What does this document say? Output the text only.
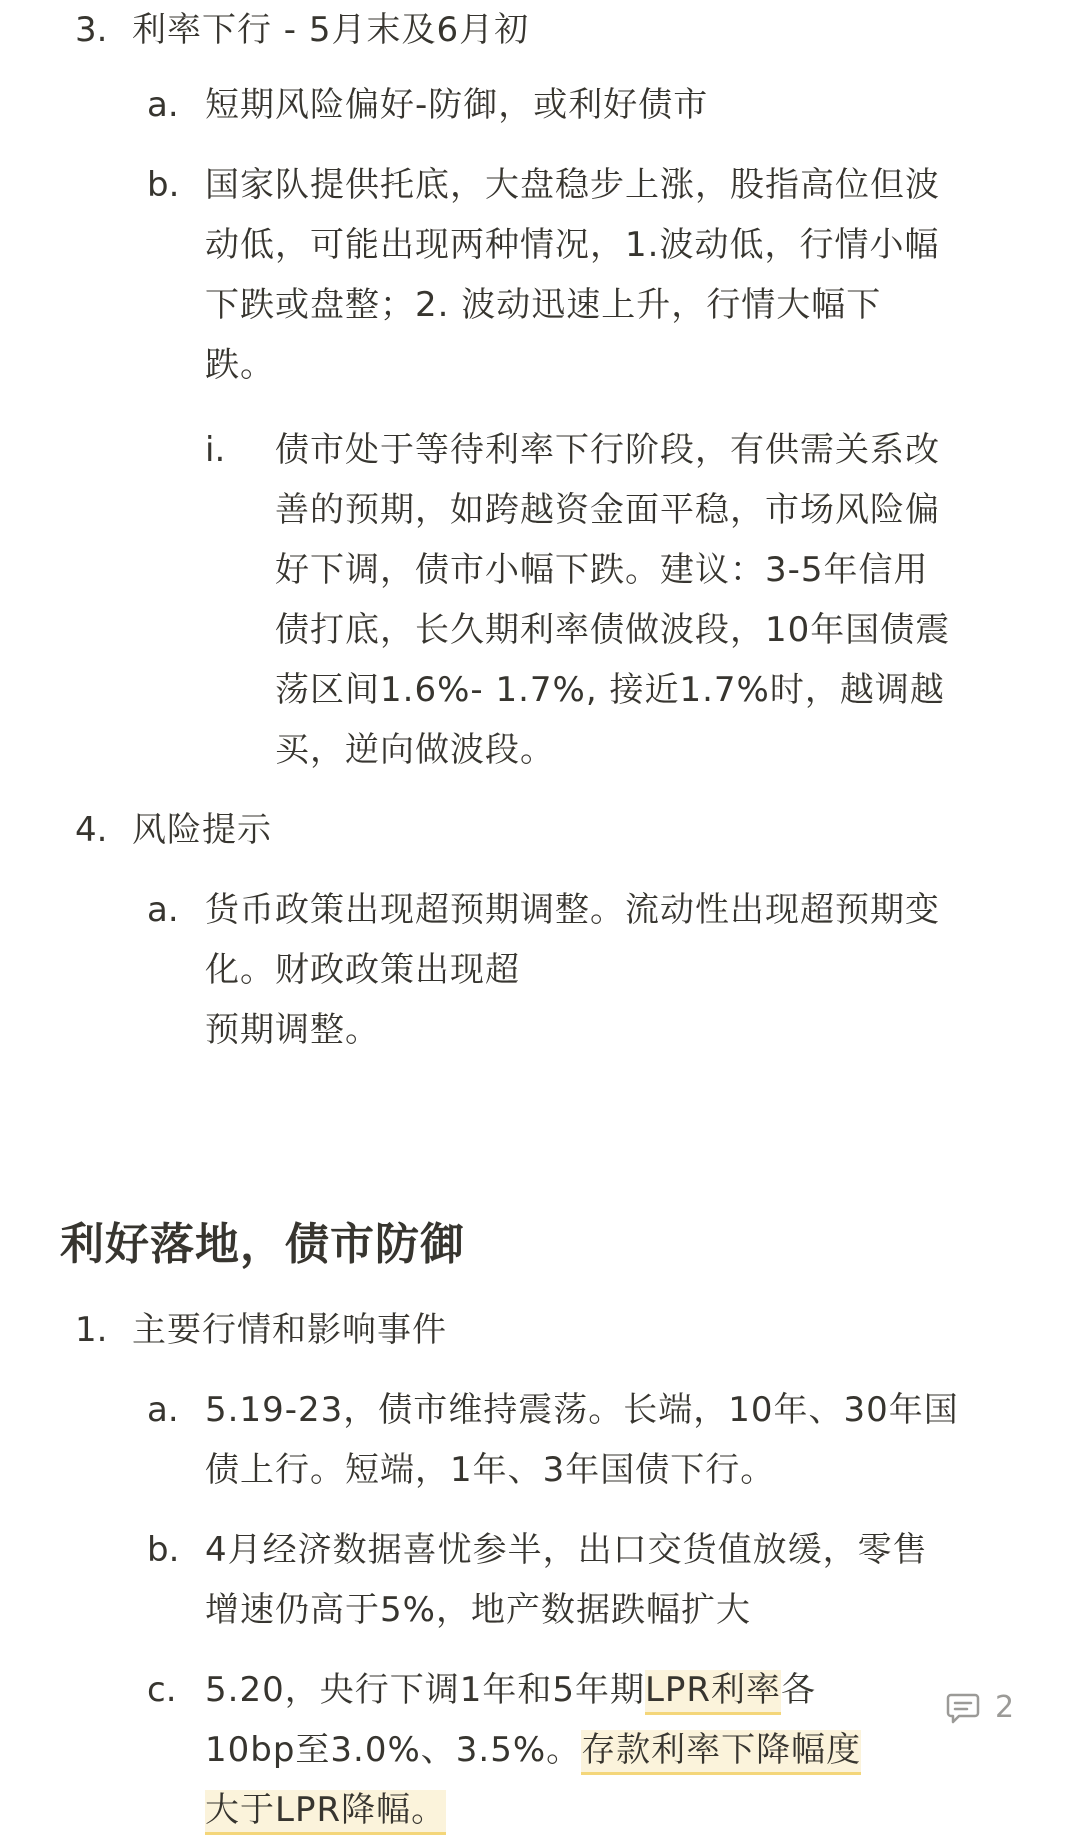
3. 利率下行 - 5月末及6月初
a. 短期风险偏好-防御，或利好债市
b. 国家队提供托底，大盘稳步上涨，股指高位但波
动低，可能出现两种情况，1.波动低，行情小幅
下跌或盘整；2. 波动迅速上升，行情大幅下
跌。
i. 债市处于等待利率下行阶段，有供需关系改
善的预期，如跨越资金面平稳，市场风险偏
好下调，债市小幅下跌。建议：3-5年信用
债打底，长久期利率债做波段，10年国债震
荡区间1.6%- 1.7%, 接近1.7%时，越调越
买，逆向做波段。
4. 风险提示
a. 货币政策出现超预期调整。流动性出现超预期变
化。财政政策出现超
预期调整。
利好落地，债市防御
1. 主要行情和影响事件
a. 5.19-23，债市维持震荡。长端，10年、30年国
债上行。短端，1年、3年国债下行。
b. 4月经济数据喜忧参半，出口交货值放缓，零售
增速仍高于5%，地产数据跌幅扩大
c. 5.20，央行下调1年和5年期LPR利率各
10bp至3.0%、3.5%。存款利率下降幅度
大于LPR降幅。
2
